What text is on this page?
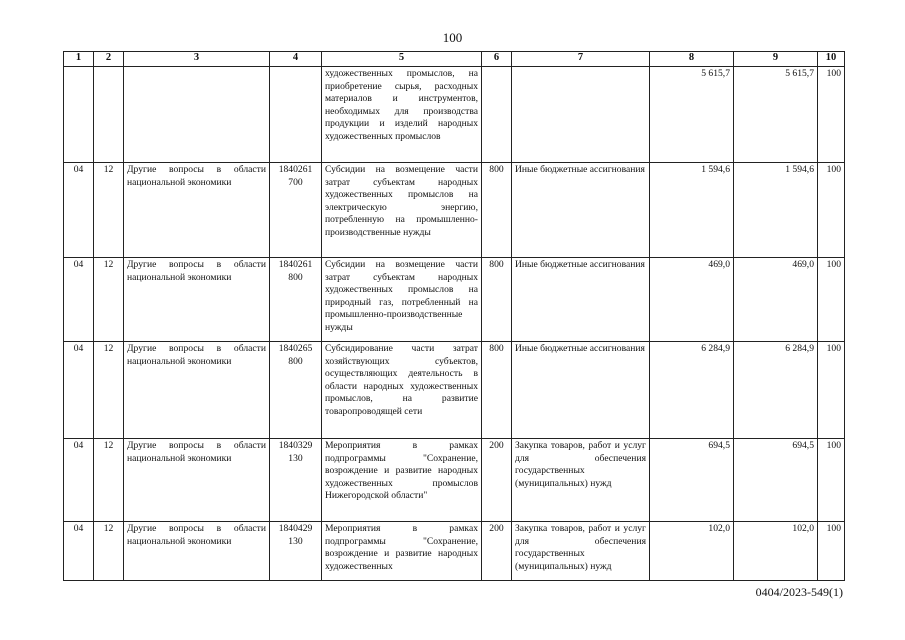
100
1	2	3	4	5	6	7	8	9	10
				художественных промыслов, на приобретение сырья, расходных материалов и инструментов, необходимых для производства продукции и изделий народных художественных промыслов			5 615,7	5 615,7	100
04	12	Другие вопросы в области национальной экономики	1840261 700	Субсидии на возмещение части затрат субъектам народных художественных промыслов на электрическую энергию, потребленную на промышленно-производственные нужды	800	Иные бюджетные ассигнования	1 594,6	1 594,6	100
04	12	Другие вопросы в области национальной экономики	1840261 800	Субсидии на возмещение части затрат субъектам народных художественных промыслов на природный газ, потребленный на промышленно-производственные нужды	800	Иные бюджетные ассигнования	469,0	469,0	100
04	12	Другие вопросы в области национальной экономики	1840265 800	Субсидирование части затрат хозяйствующих субъектов, осуществляющих деятельность в области народных художественных промыслов, на развитие товаропроводящей сети	800	Иные бюджетные ассигнования	6 284,9	6 284,9	100
04	12	Другие вопросы в области национальной экономики	1840329 130	Мероприятия в рамках подпрограммы "Сохранение, возрождение и развитие народных художественных промыслов Нижегородской области"	200	Закупка товаров, работ и услуг для обеспечения государственных (муниципальных) нужд	694,5	694,5	100
04	12	Другие вопросы в области национальной экономики	1840429 130	Мероприятия в рамках подпрограммы "Сохранение, возрождение и развитие народных художественных	200	Закупка товаров, работ и услуг для обеспечения государственных (муниципальных) нужд	102,0	102,0	100
0404/2023-549(1)
